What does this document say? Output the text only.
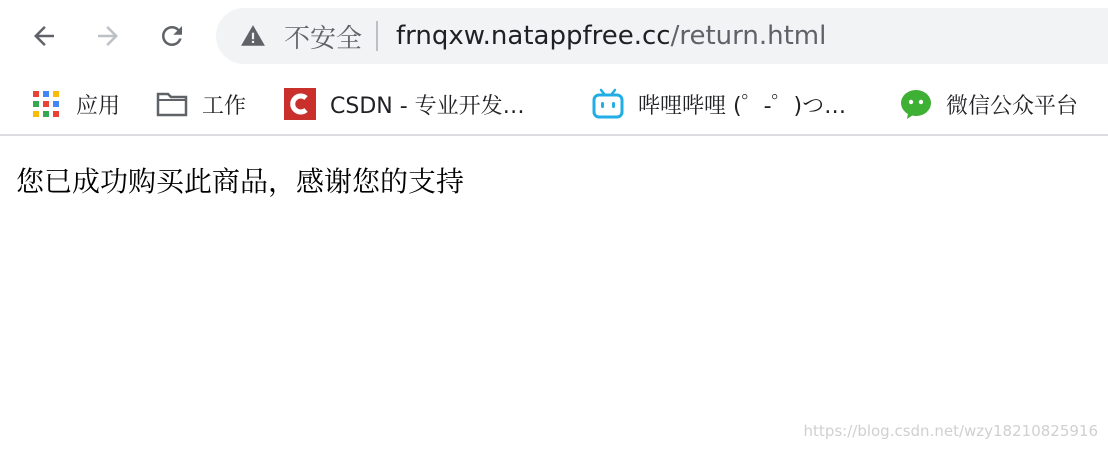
不安全 frnqxw.natappfree.cc/return.html
应用	工作	CSDN - 专业开发…	哔哩哔哩 (゜-゜)つ…	微信公众平台
您已成功购买此商品，感谢您的支持
https://blog.csdn.net/wzy18210825916
